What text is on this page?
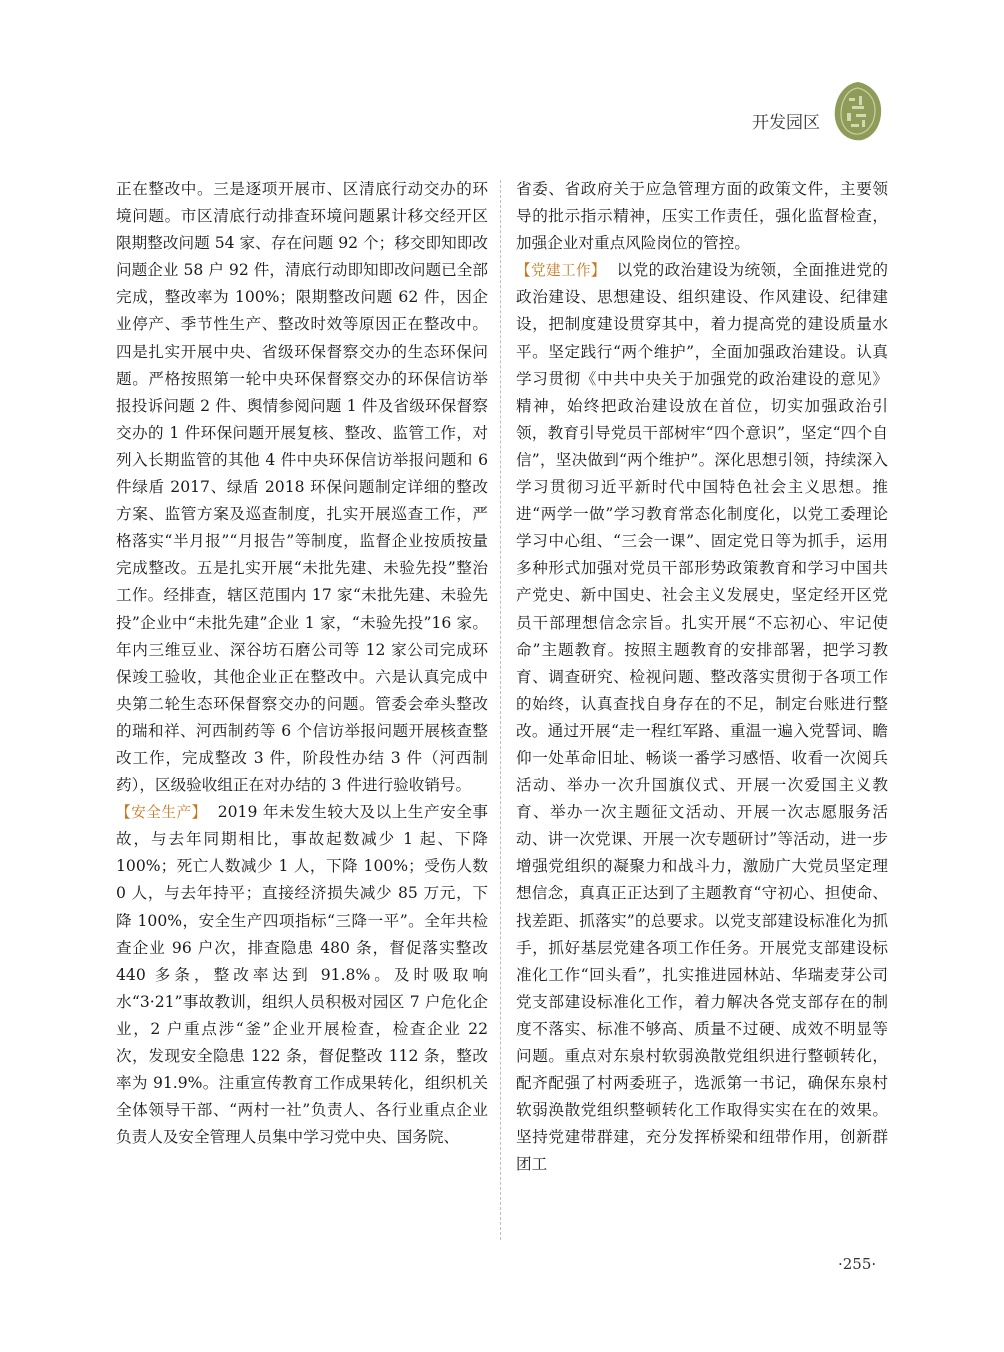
开发园区

正在整改中。三是逐项开展市、区清底行动交办的环境问题。市区清底行动排查环境问题累计移交经开区限期整改问题 54 家、存在问题 92 个；移交即知即改问题企业 58 户 92 件，清底行动即知即改问题已全部完成，整改率为 100%；限期整改问题 62 件，因企业停产、季节性生产、整改时效等原因正在整改中。四是扎实开展中央、省级环保督察交办的生态环保问题。严格按照第一轮中央环保督察交办的环保信访举报投诉问题 2 件、舆情参阅问题 1 件及省级环保督察交办的 1 件环保问题开展复核、整改、监管工作，对列入长期监管的其他 4 件中央环保信访举报问题和 6 件绿盾 2017、绿盾 2018 环保问题制定详细的整改方案、监管方案及巡查制度，扎实开展巡查工作，严格落实“半月报”“月报告”等制度，监督企业按质按量完成整改。五是扎实开展“未批先建、未验先投”整治工作。经排查，辖区范围内 17 家“未批先建、未验先投”企业中“未批先建”企业 1 家，“未验先投”16 家。年内三维豆业、深谷坊石磨公司等 12 家公司完成环保竣工验收，其他企业正在整改中。六是认真完成中央第二轮生态环保督察交办的问题。管委会牵头整改的瑞和祥、河西制药等 6 个信访举报问题开展核查整改工作，完成整改 3 件，阶段性办结 3 件（河西制药），区级验收组正在对办结的 3 件进行验收销号。

【安全生产】 2019 年未发生较大及以上生产安全事故，与去年同期相比，事故起数减少 1 起、下降 100%；死亡人数减少 1 人，下降 100%；受伤人数 0 人，与去年持平；直接经济损失减少 85 万元，下降 100%，安全生产四项指标“三降一平”。全年共检查企业 96 户次，排查隐患 480 条，督促落实整改 440 多条，整改率达到 91.8%。及时吸取响水“3·21”事故教训，组织人员积极对园区 7 户危化企业，2 户重点涉“釜”企业开展检查，检查企业 22 次，发现安全隐患 122 条，督促整改 112 条，整改率为 91.9%。注重宣传教育工作成果转化，组织机关全体领导干部、“两村一社”负责人、各行业重点企业负责人及安全管理人员集中学习党中央、国务院、

省委、省政府关于应急管理方面的政策文件，主要领导的批示指示精神，压实工作责任，强化监督检查，加强企业对重点风险岗位的管控。

【党建工作】 以党的政治建设为统领，全面推进党的政治建设、思想建设、组织建设、作风建设、纪律建设，把制度建设贯穿其中，着力提高党的建设质量水平。坚定践行“两个维护”，全面加强政治建设。认真学习贯彻《中共中央关于加强党的政治建设的意见》精神，始终把政治建设放在首位，切实加强政治引领，教育引导党员干部树牢“四个意识”，坚定“四个自信”，坚决做到“两个维护”。深化思想引领，持续深入学习贯彻习近平新时代中国特色社会主义思想。推进“两学一做”学习教育常态化制度化，以党工委理论学习中心组、“三会一课”、固定党日等为抓手，运用多种形式加强对党员干部形势政策教育和学习中国共产党史、新中国史、社会主义发展史，坚定经开区党员干部理想信念宗旨。扎实开展“不忘初心、牢记使命”主题教育。按照主题教育的安排部署，把学习教育、调查研究、检视问题、整改落实贯彻于各项工作的始终，认真查找自身存在的不足，制定台账进行整改。通过开展“走一程红军路、重温一遍入党誓词、瞻仰一处革命旧址、畅谈一番学习感悟、收看一次阅兵活动、举办一次升国旗仪式、开展一次爱国主义教育、举办一次主题征文活动、开展一次志愿服务活动、讲一次党课、开展一次专题研讨”等活动，进一步增强党组织的凝聚力和战斗力，激励广大党员坚定理想信念，真真正正达到了主题教育“守初心、担使命、找差距、抓落实”的总要求。以党支部建设标准化为抓手，抓好基层党建各项工作任务。开展党支部建设标准化工作“回头看”，扎实推进园林站、华瑞麦芽公司党支部建设标准化工作，着力解决各党支部存在的制度不落实、标准不够高、质量不过硬、成效不明显等问题。重点对东泉村软弱涣散党组织进行整顿转化，配齐配强了村两委班子，选派第一书记，确保东泉村软弱涣散党组织整顿转化工作取得实实在在的效果。坚持党建带群建，充分发挥桥梁和纽带作用，创新群团工

·255·
